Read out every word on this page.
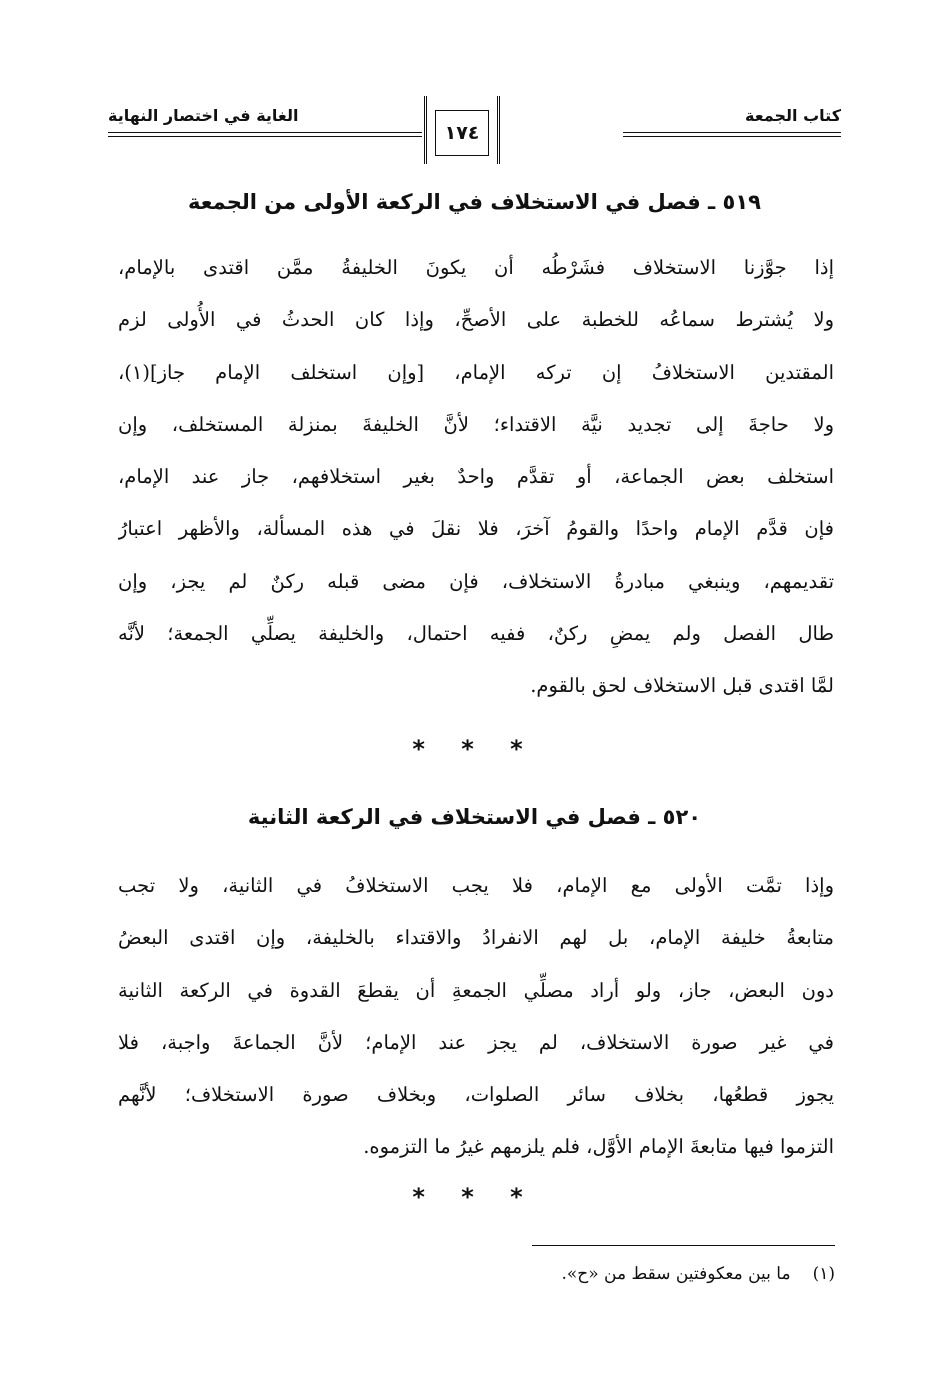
كتاب الجمعة
الغاية في اختصار النهاية
١٧٤
٥١٩ ـ فصل في الاستخلاف في الركعة الأولى من الجمعة
إذا جوَّزنا الاستخلاف فشَرْطُه أن يكونَ الخليفةُ ممَّن اقتدى بالإمام،
ولا يُشترط سماعُه للخطبة على الأصحِّ، وإذا كان الحدثُ في الأُولى لزم
المقتدين الاستخلافُ إن تركه الإمام، [وإن استخلف الإمام جاز](١)،
ولا حاجةَ إلى تجديد نيَّة الاقتداء؛ لأنَّ الخليفةَ بمنزلة المستخلف، وإن
استخلف بعض الجماعة، أو تقدَّم واحدٌ بغير استخلافهم، جاز عند الإمام،
فإن قدَّم الإمام واحدًا والقومُ آخرَ، فلا نقلَ في هذه المسألة، والأظهر اعتبارُ
تقديمهم، وينبغي مبادرةُ الاستخلاف، فإن مضى قبله ركنٌ لم يجز، وإن
طال الفصل ولم يمضِ ركنٌ، ففيه احتمال، والخليفة يصلِّي الجمعة؛ لأنَّه
لمَّا اقتدى قبل الاستخلاف لحق بالقوم.
* * *
٥٢٠ ـ فصل في الاستخلاف في الركعة الثانية
وإذا تمَّت الأولى مع الإمام، فلا يجب الاستخلافُ في الثانية، ولا تجب
متابعةُ خليفة الإمام، بل لهم الانفرادُ والاقتداء بالخليفة، وإن اقتدى البعضُ
دون البعض، جاز، ولو أراد مصلِّي الجمعةِ أن يقطعَ القدوة في الركعة الثانية
في غير صورة الاستخلاف، لم يجز عند الإمام؛ لأنَّ الجماعةَ واجبة، فلا
يجوز قطعُها، بخلاف سائر الصلوات، وبخلاف صورة الاستخلاف؛ لأنَّهم
التزموا فيها متابعةَ الإمام الأوَّل، فلم يلزمهم غيرُ ما التزموه.
* * *
(١)ما بين معكوفتين سقط من «ح».
